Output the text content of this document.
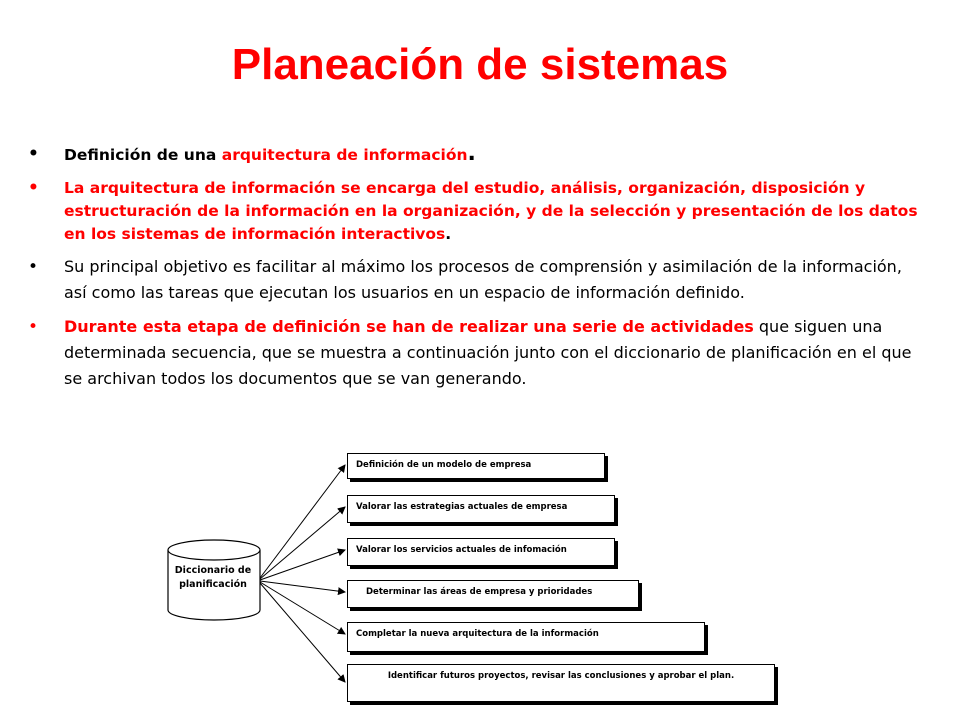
Planeación de sistemas
• Definición de una arquitectura de información.
• La arquitectura de información se encarga del estudio, análisis, organización, disposición y estructuración de la información en la organización, y de la selección y presentación de los datos en los sistemas de información interactivos.
• Su principal objetivo es facilitar al máximo los procesos de comprensión y asimilación de la información, así como las tareas que ejecutan los usuarios en un espacio de información definido.
• Durante esta etapa de definición se han de realizar una serie de actividades que siguen una determinada secuencia, que se muestra a continuación junto con el diccionario de planificación en el que se archivan todos los documentos que se van generando.
Diccionario de planificación
Definición de un modelo de empresa
Valorar las estrategias actuales de empresa
Valorar los servicios actuales de infomación
Determinar las áreas de empresa y prioridades
Completar la nueva arquitectura de la información
Identificar futuros proyectos, revisar las conclusiones y aprobar el plan.
